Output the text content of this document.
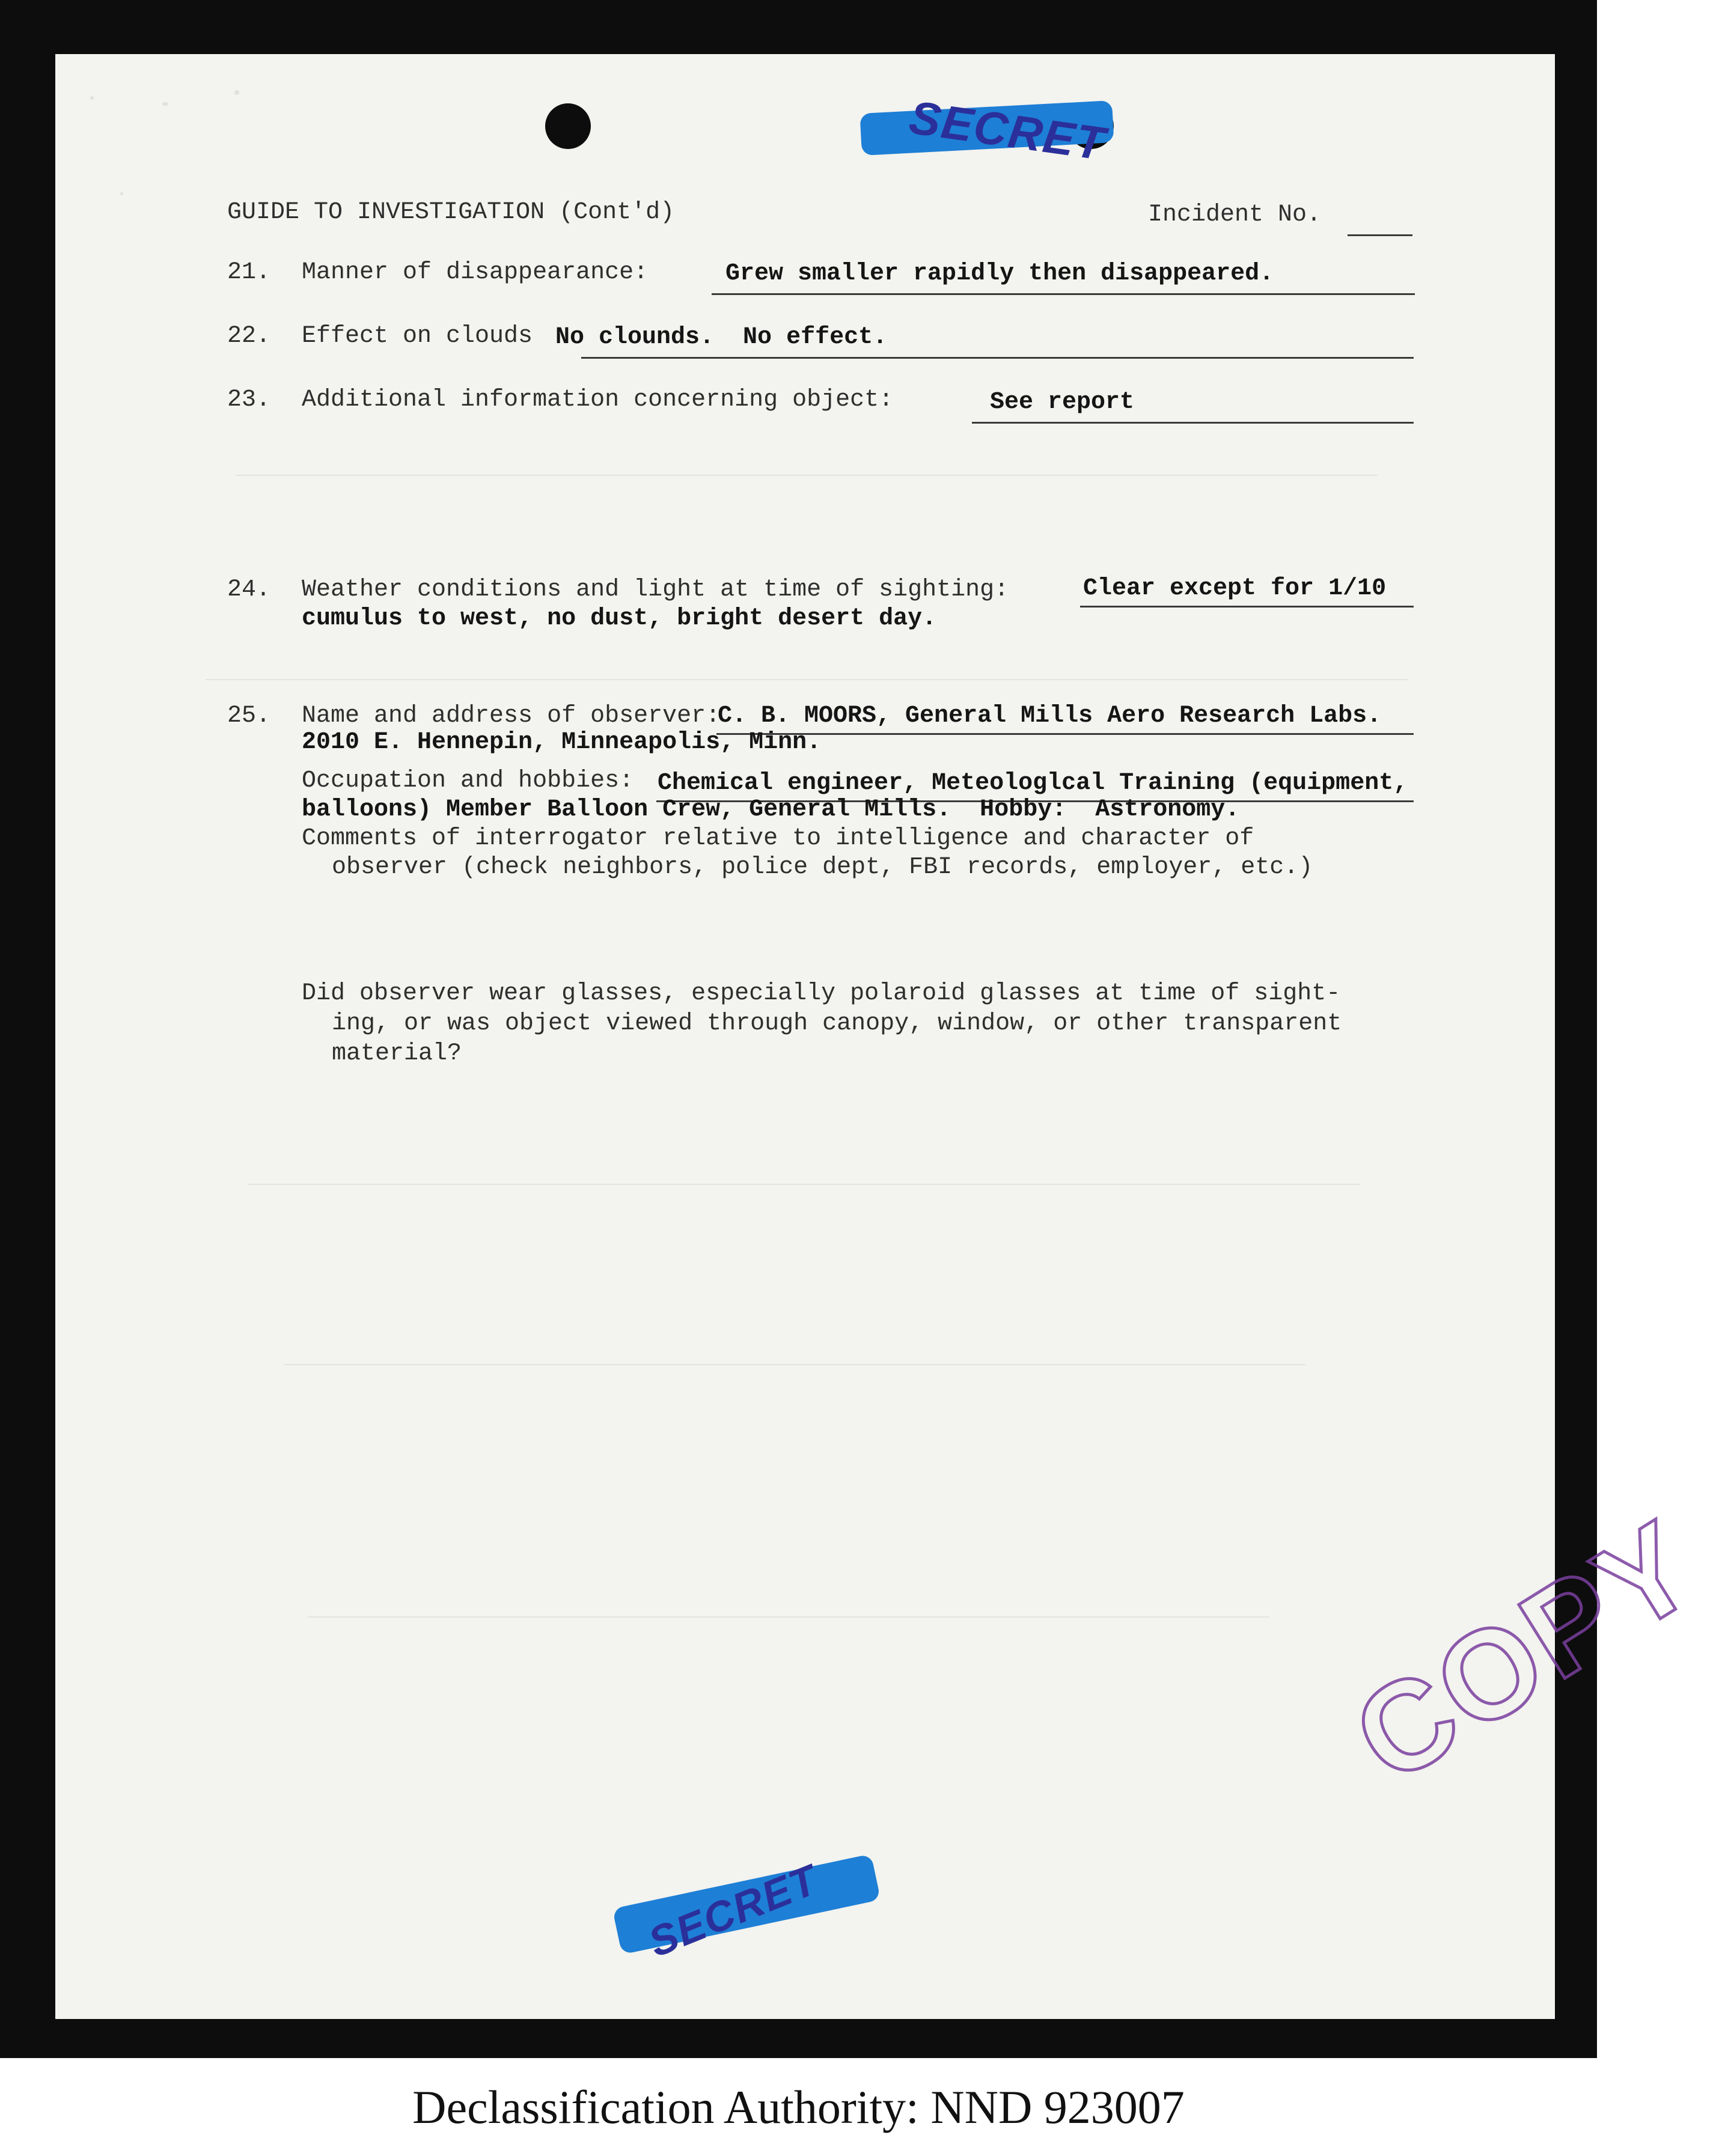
SECRET
GUIDE TO INVESTIGATION (Cont'd)	Incident No.
21. Manner of disappearance:	Grew smaller rapidly then disappeared.
22. Effect on clouds No clounds.  No effect.
23. Additional information concerning object:	See report
24. Weather conditions and light at time of sighting:	Clear except for 1/10
cumulus to west, no dust, bright desert day.
25. Name and address of observer:
C. B. MOORS, General Mills Aero Research Labs.
2010 E. Hennepin, Minneapolis, Minn.
Occupation and hobbies: Chemical engineer, Meteologlcal Training (equipment,
balloons) Member Balloon Crew, General Mills.  Hobby:  Astronomy.
Comments of interrogator relative to intelligence and character of
observer (check neighbors, police dept, FBI records, employer, etc.)
Did observer wear glasses, especially polaroid glasses at time of sight-
ing, or was object viewed through canopy, window, or other transparent
material?
COPY
SECRET
Declassification Authority: NND 923007
